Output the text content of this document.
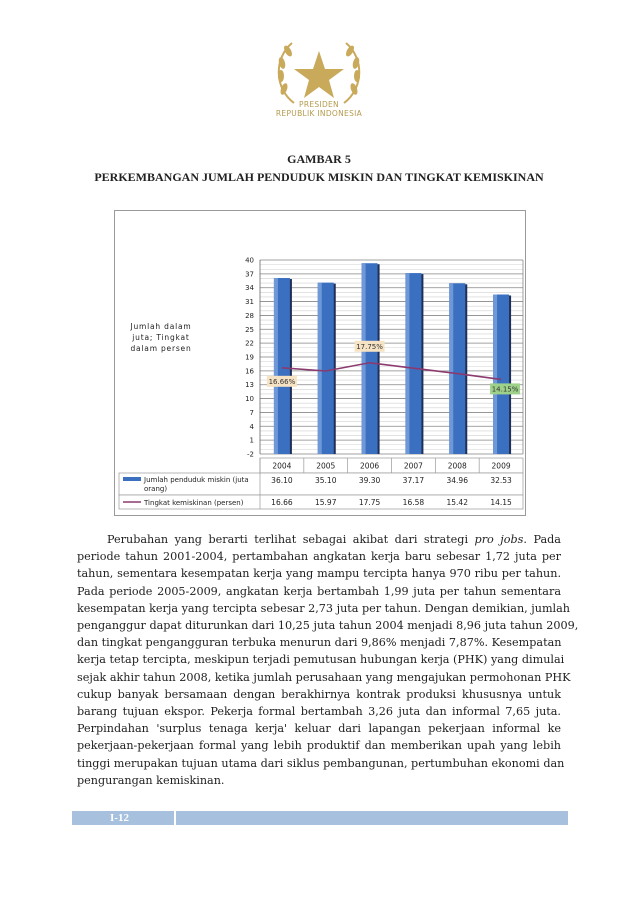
PRESIDEN
REPUBLIK INDONESIA
GAMBAR 5
PERKEMBANGAN JUMLAH PENDUDUK MISKIN DAN TINGKAT KEMISKINAN
-2
1
4
7
10
13
16
19
22
25
28
31
34
37
40
Jumlah dalam
juta; Tingkat
dalam persen
16.66%
17.75%
14.15%
2004	2005	2006	2007	2008	2009
Jumlah penduduk miskin (juta
orang)
36.10	35.10	39.30	37.17	34.96	32.53
Tingkat kemiskinan (persen)	16.66	15.97	17.75	16.58	15.42	14.15
Perubahan yang berarti terlihat sebagai akibat dari strategi pro jobs. Pada
periode tahun 2001-2004, pertambahan angkatan kerja baru sebesar 1,72 juta per
tahun, sementara kesempatan kerja yang mampu tercipta hanya 970 ribu per tahun.
Pada periode 2005-2009, angkatan kerja bertambah 1,99 juta per tahun sementara
kesempatan kerja yang tercipta sebesar 2,73 juta per tahun. Dengan demikian, jumlah
penganggur dapat diturunkan dari 10,25 juta tahun 2004 menjadi 8,96 juta tahun 2009,
dan tingkat pengangguran terbuka menurun dari 9,86% menjadi 7,87%. Kesempatan
kerja tetap tercipta, meskipun terjadi pemutusan hubungan kerja (PHK) yang dimulai
sejak akhir tahun 2008, ketika jumlah perusahaan yang mengajukan permohonan PHK
cukup banyak bersamaan dengan berakhirnya kontrak produksi khususnya untuk
barang tujuan ekspor. Pekerja formal bertambah 3,26 juta dan informal 7,65 juta.
Perpindahan 'surplus tenaga kerja' keluar dari lapangan pekerjaan informal ke
pekerjaan-pekerjaan formal yang lebih produktif dan memberikan upah yang lebih
tinggi merupakan tujuan utama dari siklus pembangunan, pertumbuhan ekonomi dan
pengurangan kemiskinan.
I-12
